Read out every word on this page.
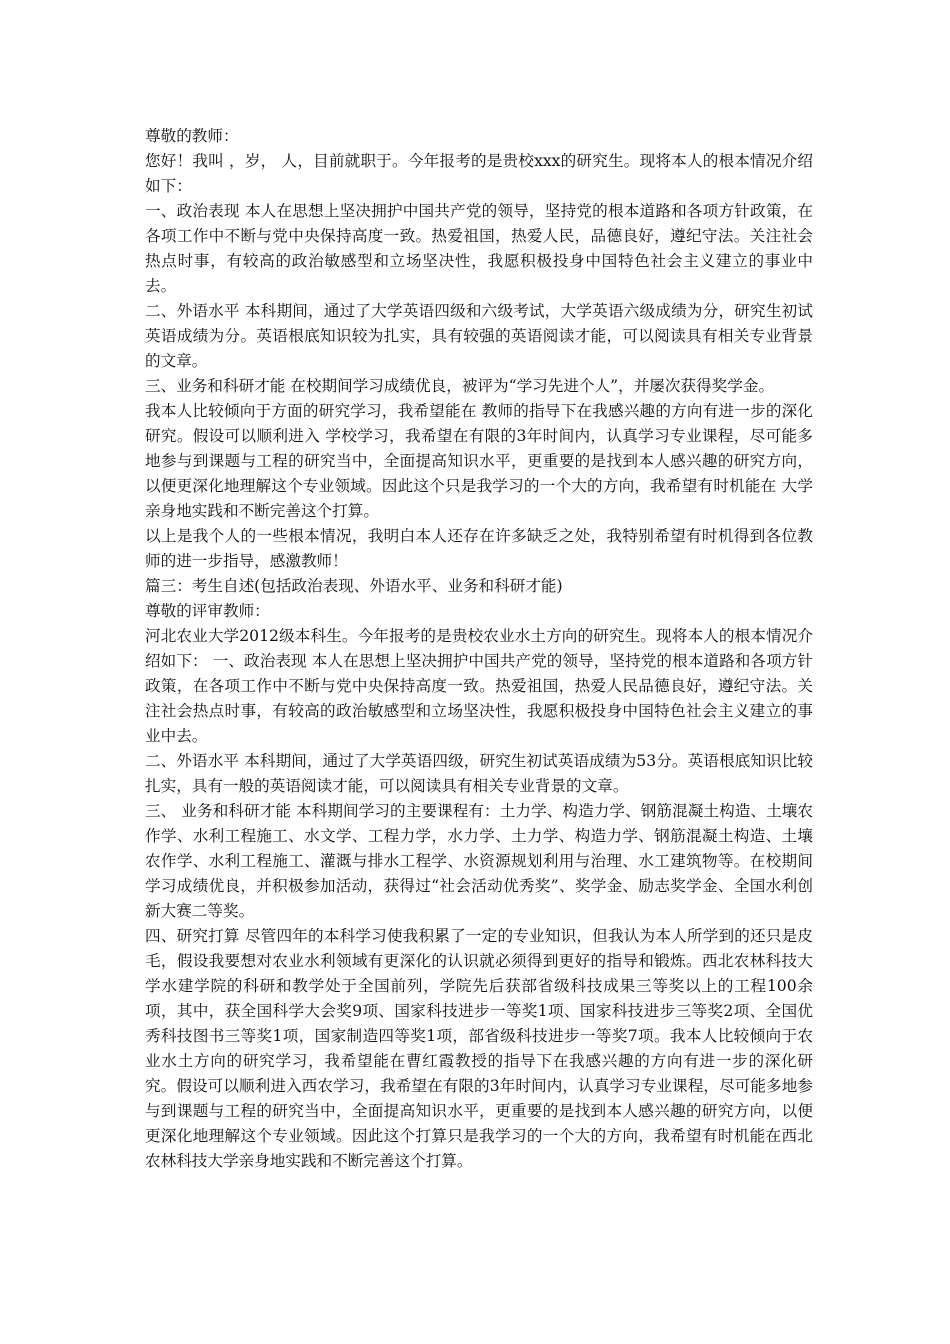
尊敬的教师：

您好！我叫 ，岁， 人，目前就职于。今年报考的是贵校xxx的研究生。现将本人的根本情况介绍如下：

一、政治表现 本人在思想上坚决拥护中国共产党的领导，坚持党的根本道路和各项方针政策，在各项工作中不断与党中央保持高度一致。热爱祖国，热爱人民，品德良好，遵纪守法。关注社会热点时事，有较高的政治敏感型和立场坚决性，我愿积极投身中国特色社会主义建立的事业中去。

二、外语水平 本科期间，通过了大学英语四级和六级考试，大学英语六级成绩为分，研究生初试英语成绩为分。英语根底知识较为扎实，具有较强的英语阅读才能，可以阅读具有相关专业背景的文章。

三、业务和科研才能 在校期间学习成绩优良，被评为“学习先进个人”，并屡次获得奖学金。

我本人比较倾向于方面的研究学习，我希望能在 教师的指导下在我感兴趣的方向有进一步的深化研究。假设可以顺利进入 学校学习，我希望在有限的3年时间内，认真学习专业课程，尽可能多地参与到课题与工程的研究当中，全面提高知识水平，更重要的是找到本人感兴趣的研究方向，以便更深化地理解这个专业领域。因此这个只是我学习的一个大的方向，我希望有时机能在 大学亲身地实践和不断完善这个打算。

以上是我个人的一些根本情况，我明白本人还存在许多缺乏之处，我特别希望有时机得到各位教师的进一步指导，感激教师！

篇三：考生自述(包括政治表现、外语水平、业务和科研才能)

尊敬的评审教师：

河北农业大学2012级本科生。今年报考的是贵校农业水土方向的研究生。现将本人的根本情况介绍如下： 一、政治表现 本人在思想上坚决拥护中国共产党的领导，坚持党的根本道路和各项方针政策，在各项工作中不断与党中央保持高度一致。热爱祖国，热爱人民品德良好，遵纪守法。关注社会热点时事，有较高的政治敏感型和立场坚决性，我愿积极投身中国特色社会主义建立的事业中去。

二、外语水平 本科期间，通过了大学英语四级，研究生初试英语成绩为53分。英语根底知识比较扎实，具有一般的英语阅读才能，可以阅读具有相关专业背景的文章。

三、 业务和科研才能 本科期间学习的主要课程有：土力学、构造力学、钢筋混凝土构造、土壤农作学、水利工程施工、水文学、工程力学，水力学、土力学、构造力学、钢筋混凝土构造、土壤农作学、水利工程施工、灌溉与排水工程学、水资源规划利用与治理、水工建筑物等。在校期间学习成绩优良，并积极参加活动，获得过“社会活动优秀奖”、奖学金、励志奖学金、全国水利创新大赛二等奖。

四、研究打算 尽管四年的本科学习使我积累了一定的专业知识，但我认为本人所学到的还只是皮毛，假设我要想对农业水利领域有更深化的认识就必须得到更好的指导和锻炼。西北农林科技大学水建学院的科研和教学处于全国前列，学院先后获部省级科技成果三等奖以上的工程100余项，其中，获全国科学大会奖9项、国家科技进步一等奖1项、国家科技进步三等奖2项、全国优秀科技图书三等奖1项，国家制造四等奖1项，部省级科技进步一等奖7项。我本人比较倾向于农业水土方向的研究学习，我希望能在曹红霞教授的指导下在我感兴趣的方向有进一步的深化研究。假设可以顺利进入西农学习，我希望在有限的3年时间内，认真学习专业课程，尽可能多地参与到课题与工程的研究当中，全面提高知识水平，更重要的是找到本人感兴趣的研究方向，以便更深化地理解这个专业领域。因此这个打算只是我学习的一个大的方向，我希望有时机能在西北农林科技大学亲身地实践和不断完善这个打算。
